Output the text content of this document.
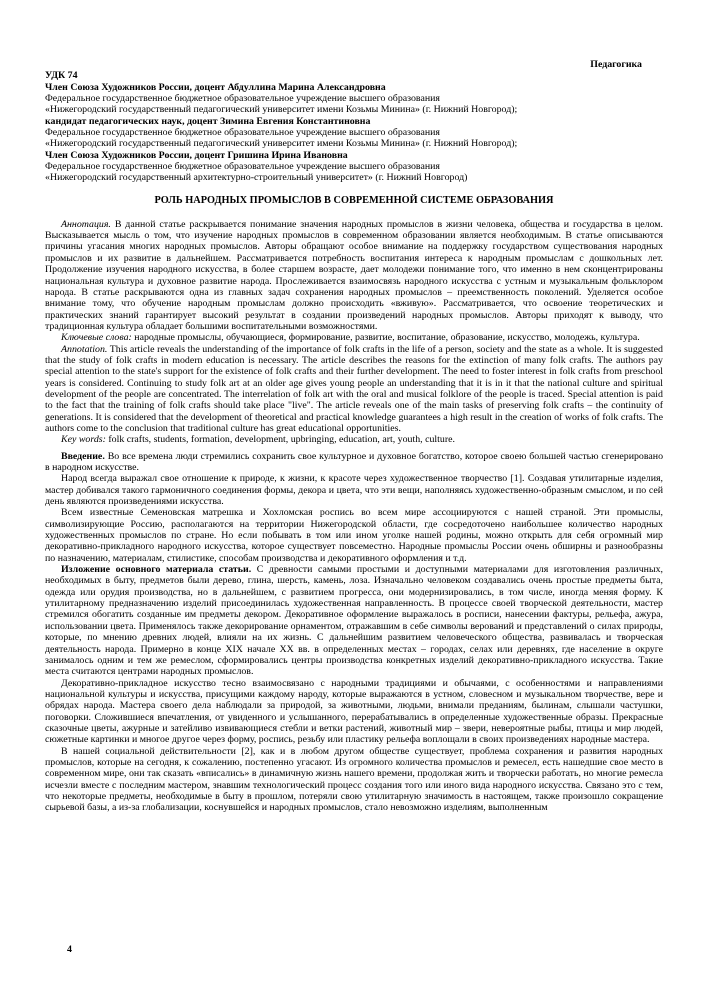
Педагогика
УДК 74
Член Союза Художников России, доцент Абдуллина Марина Александровна
Федеральное государственное бюджетное образовательное учреждение высшего образования
«Нижегородский государственный педагогический университет имени Козьмы Минина» (г. Нижний Новгород);
кандидат педагогических наук, доцент Зимина Евгения Константиновна
Федеральное государственное бюджетное образовательное учреждение высшего образования
«Нижегородский государственный педагогический университет имени Козьмы Минина» (г. Нижний Новгород);
Член Союза Художников России, доцент Гришина Ирина Ивановна
Федеральное государственное бюджетное образовательное учреждение высшего образования
«Нижегородский государственный архитектурно-строительный университет» (г. Нижний Новгород)
РОЛЬ НАРОДНЫХ ПРОМЫСЛОВ В СОВРЕМЕННОЙ СИСТЕМЕ ОБРАЗОВАНИЯ

Аннотация. В данной статье раскрывается понимание значения народных промыслов в жизни человека, общества и государства в целом. Высказывается мысль о том, что изучение народных промыслов в современном образовании является необходимым. В статье описываются причины угасания многих народных промыслов. Авторы обращают особое внимание на поддержку государством существования народных промыслов и их развитие в дальнейшем. Рассматривается потребность воспитания интереса к народным промыслам с дошкольных лет. Продолжение изучения народного искусства, в более старшем возрасте, дает молодежи понимание того, что именно в нем сконцентрированы национальная культура и духовное развитие народа. Прослеживается взаимосвязь народного искусства с устным и музыкальным фольклором народа. В статье раскрываются одна из главных задач сохранения народных промыслов – преемственность поколений. Уделяется особое внимание тому, что обучение народным промыслам должно происходить «вживую». Рассматривается, что освоение теоретических и практических знаний гарантирует высокий результат в создании произведений народных промыслов. Авторы приходят к выводу, что традиционная культура обладает большими воспитательными возможностями.

Ключевые слова: народные промыслы, обучающиеся, формирование, развитие, воспитание, образование, искусство, молодежь, культура.

Annotation. This article reveals the understanding of the importance of folk crafts in the life of a person, society and the state as a whole. It is suggested that the study of folk crafts in modern education is necessary. The article describes the reasons for the extinction of many folk crafts. The authors pay special attention to the state's support for the existence of folk crafts and their further development. The need to foster interest in folk crafts from preschool years is considered. Continuing to study folk art at an older age gives young people an understanding that it is in it that the national culture and spiritual development of the people are concentrated. The interrelation of folk art with the oral and musical folklore of the people is traced. Special attention is paid to the fact that the training of folk crafts should take place "live". The article reveals one of the main tasks of preserving folk crafts – the continuity of generations. It is considered that the development of theoretical and practical knowledge guarantees a high result in the creation of works of folk crafts. The authors come to the conclusion that traditional culture has great educational opportunities.

Key words: folk crafts, students, formation, development, upbringing, education, art, youth, culture.

Введение. Во все времена люди стремились сохранить свое культурное и духовное богатство, которое своею большей частью сгенерировано в народном искусстве.

Народ всегда выражал свое отношение к природе, к жизни, к красоте через художественное творчество [1]. Создавая утилитарные изделия, мастер добивался такого гармоничного соединения формы, декора и цвета, что эти вещи, наполняясь художественно-образным смыслом, и по сей день являются произведениями искусства.

Всем известные Семеновская матрешка и Хохломская роспись во всем мире ассоциируются с нашей страной. Эти промыслы, символизирующие Россию, располагаются на территории Нижегородской области, где сосредоточено наибольшее количество народных художественных промыслов по стране. Но если побывать в том или ином уголке нашей родины, можно открыть для себя огромный мир декоративно-прикладного народного искусства, которое существует повсеместно. Народные промыслы России очень обширны и разнообразны по назначению, материалам, стилистике, способам производства и декоративного оформления и т.д.

Изложение основного материала статьи. С древности самыми простыми и доступными материалами для изготовления различных, необходимых в быту, предметов были дерево, глина, шерсть, камень, лоза. Изначально человеком создавались очень простые предметы быта, одежда или орудия производства, но в дальнейшем, с развитием прогресса, они модернизировались, в том числе, иногда меняя форму. К утилитарному предназначению изделий присоединилась художественная направленность. В процессе своей творческой деятельности, мастер стремился обогатить созданные им предметы декором. Декоративное оформление выражалось в росписи, нанесении фактуры, рельефа, ажура, использовании цвета. Применялось также декорирование орнаментом, отражавшим в себе символы верований и представлений о силах природы, которые, по мнению древних людей, влияли на их жизнь. С дальнейшим развитием человеческого общества, развивалась и творческая деятельность народа. Примерно в конце XIX начале XX вв. в определенных местах – городах, селах или деревнях, где население в округе занималось одним и тем же ремеслом, сформировались центры производства конкретных изделий декоративно-прикладного искусства. Такие места считаются центрами народных промыслов.

Декоративно-прикладное искусство тесно взаимосвязано с народными традициями и обычаями, с особенностями и направлениями национальной культуры и искусства, присущими каждому народу, которые выражаются в устном, словесном и музыкальном творчестве, вере и обрядах народа. Мастера своего дела наблюдали за природой, за животными, людьми, внимали преданиям, былинам, слышали частушки, поговорки. Сложившиеся впечатления, от увиденного и услышанного, перерабатывались в определенные художественные образы. Прекрасные сказочные цветы, ажурные и затейливо извивающиеся стебли и ветки растений, животный мир – звери, невероятные рыбы, птицы и мир людей, сюжетные картинки и многое другое через форму, роспись, резьбу или пластику рельефа воплощали в своих произведениях народные мастера.

В нашей социальной действительности [2], как и в любом другом обществе существует, проблема сохранения и развития народных промыслов, которые на сегодня, к сожалению, постепенно угасают. Из огромного количества промыслов и ремесел, есть нашедшие свое место в современном мире, они так сказать «вписались» в динамичную жизнь нашего времени, продолжая жить и творчески работать, но многие ремесла исчезли вместе с последним мастером, знавшим технологический процесс создания того или иного вида народного искусства. Связано это с тем, что некоторые предметы, необходимые в быту в прошлом, потеряли свою утилитарную значимость в настоящем, также произошло сокращение сырьевой базы, а из-за глобализации, коснувшейся и народных промыслов, стало невозможно изделиям, выполненным

4
